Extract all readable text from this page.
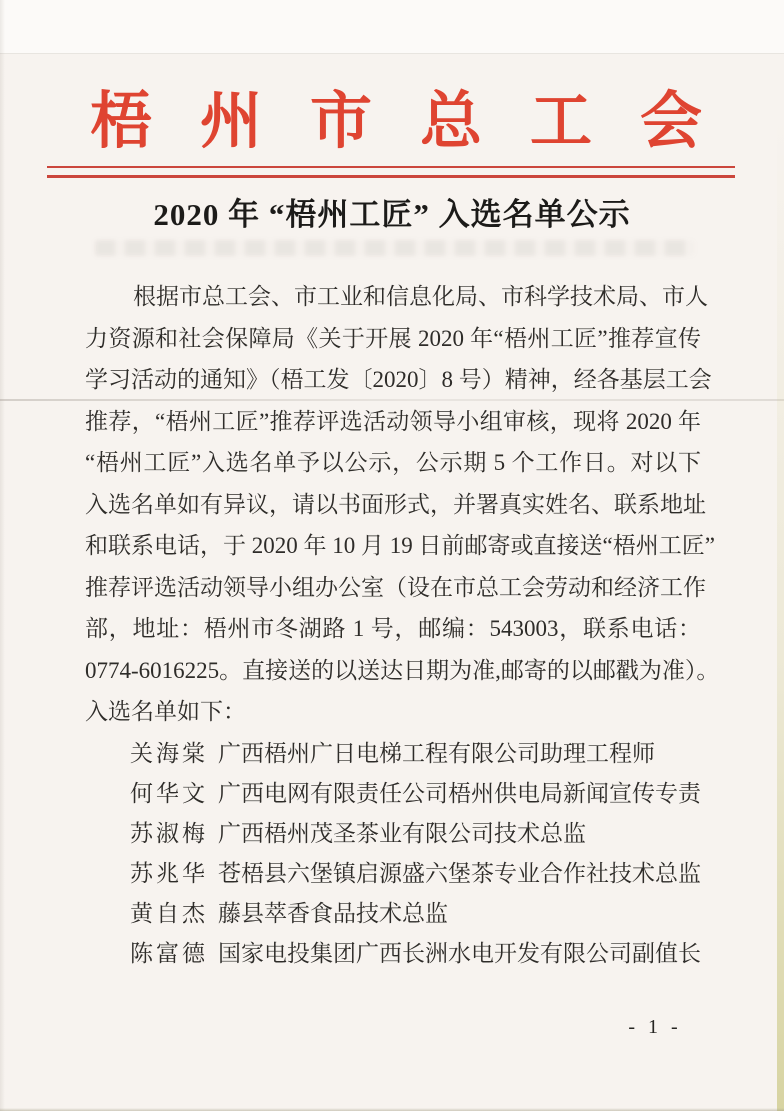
梧州市总工会
2020 年 “梧州工匠” 入选名单公示
根据市总工会、市工业和信息化局、市科学技术局、市人
力资源和社会保障局《关于开展 2020 年“梧州工匠”推荐宣传
学习活动的通知》（梧工发〔2020〕8 号）精神，经各基层工会
推荐，“梧州工匠”推荐评选活动领导小组审核，现将 2020 年
“梧州工匠”入选名单予以公示，公示期 5 个工作日。对以下
入选名单如有异议，请以书面形式，并署真实姓名、联系地址
和联系电话，于 2020 年 10 月 19 日前邮寄或直接送“梧州工匠”
推荐评选活动领导小组办公室（设在市总工会劳动和经济工作
部，地址：梧州市冬湖路 1 号，邮编：543003，联系电话：
0774-6016225。直接送的以送达日期为准,邮寄的以邮戳为准）。
入选名单如下：
关海棠 广西梧州广日电梯工程有限公司助理工程师
何华文 广西电网有限责任公司梧州供电局新闻宣传专责
苏淑梅 广西梧州茂圣茶业有限公司技术总监
苏兆华 苍梧县六堡镇启源盛六堡茶专业合作社技术总监
黄自杰 藤县萃香食品技术总监
陈富德 国家电投集团广西长洲水电开发有限公司副值长
- 1 -
